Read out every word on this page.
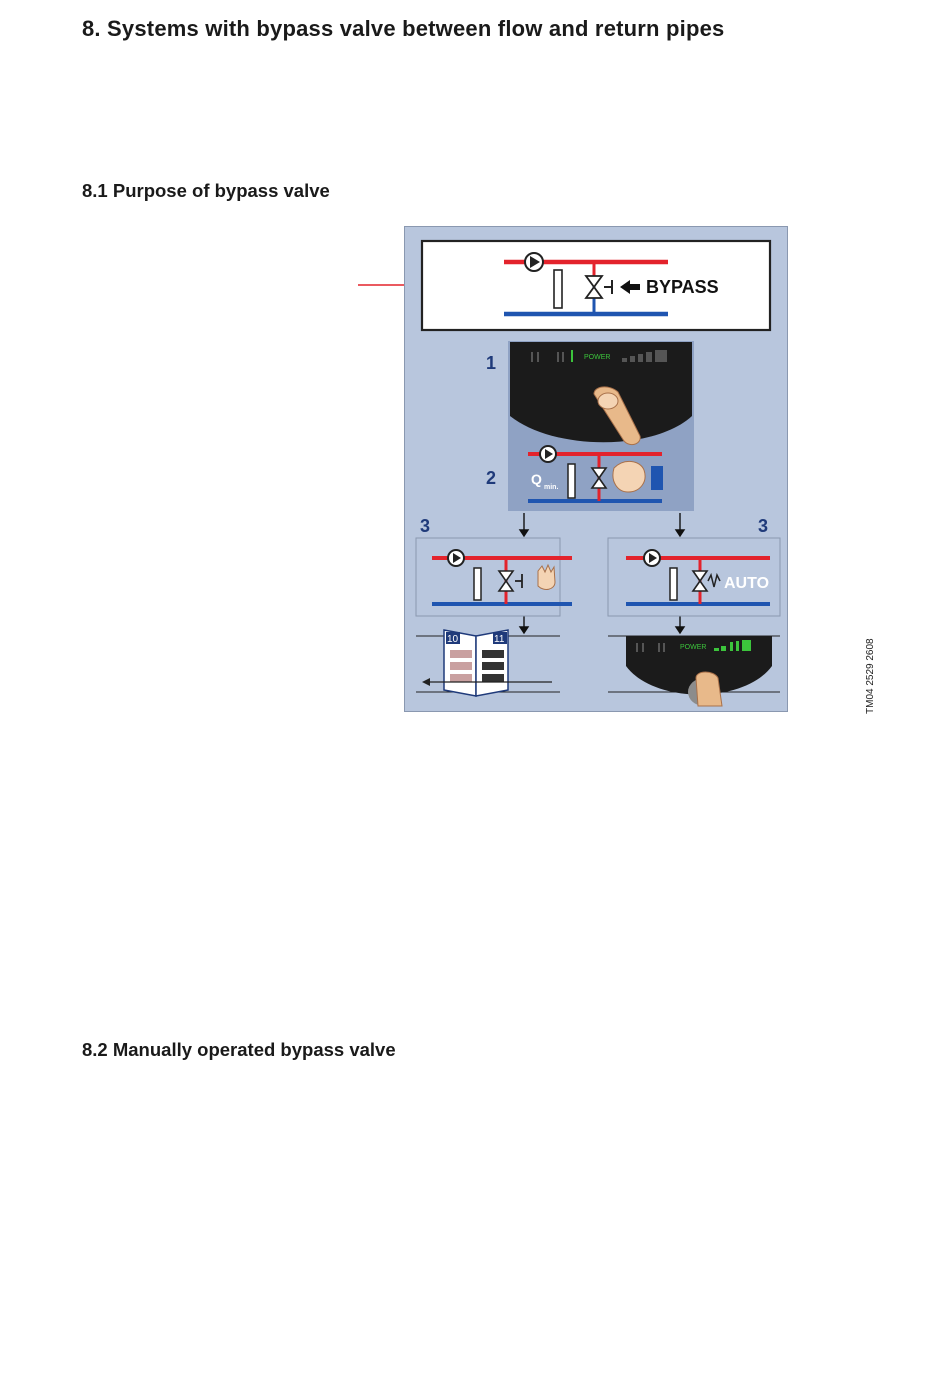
8. Systems with bypass valve between flow and return pipes
8.1 Purpose of bypass valve
8.2 Manually operated bypass valve
BYPASS
1	POWER
2 Q
min.
3	3
AUTO
10	11
POWER	TM04 2529 2608
